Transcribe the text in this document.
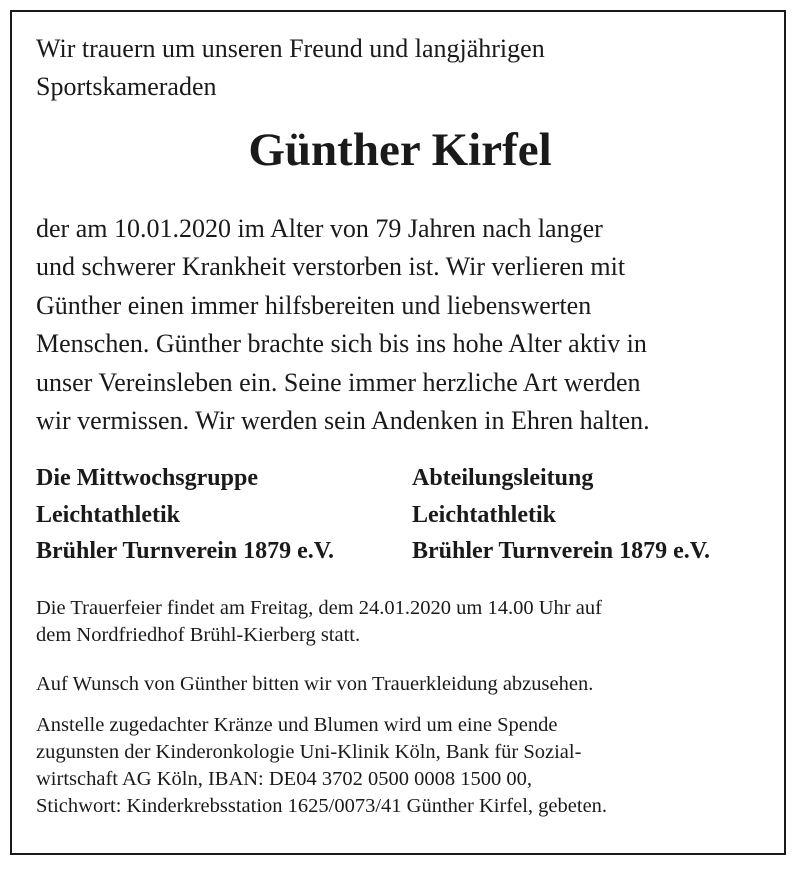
Wir trauern um unseren Freund und langjährigen
Sportskameraden

Günther Kirfel

der am 10.01.2020 im Alter von 79 Jahren nach langer
und schwerer Krankheit verstorben ist. Wir verlieren mit
Günther einen immer hilfsbereiten und liebenswerten
Menschen. Günther brachte sich bis ins hohe Alter aktiv in
unser Vereinsleben ein. Seine immer herzliche Art werden
wir vermissen. Wir werden sein Andenken in Ehren halten.

Die Mittwochsgruppe
Leichtathletik
Brühler Turnverein 1879 e.V.
Abteilungsleitung
Leichtathletik
Brühler Turnverein 1879 e.V.

Die Trauerfeier findet am Freitag, dem 24.01.2020 um 14.00 Uhr auf
dem Nordfriedhof Brühl-Kierberg statt.

Auf Wunsch von Günther bitten wir von Trauerkleidung abzusehen.

Anstelle zugedachter Kränze und Blumen wird um eine Spende
zugunsten der Kinderonkologie Uni-Klinik Köln, Bank für Sozial-
wirtschaft AG Köln, IBAN: DE04 3702 0500 0008 1500 00,
Stichwort: Kinderkrebsstation 1625/0073/41 Günther Kirfel, gebeten.
